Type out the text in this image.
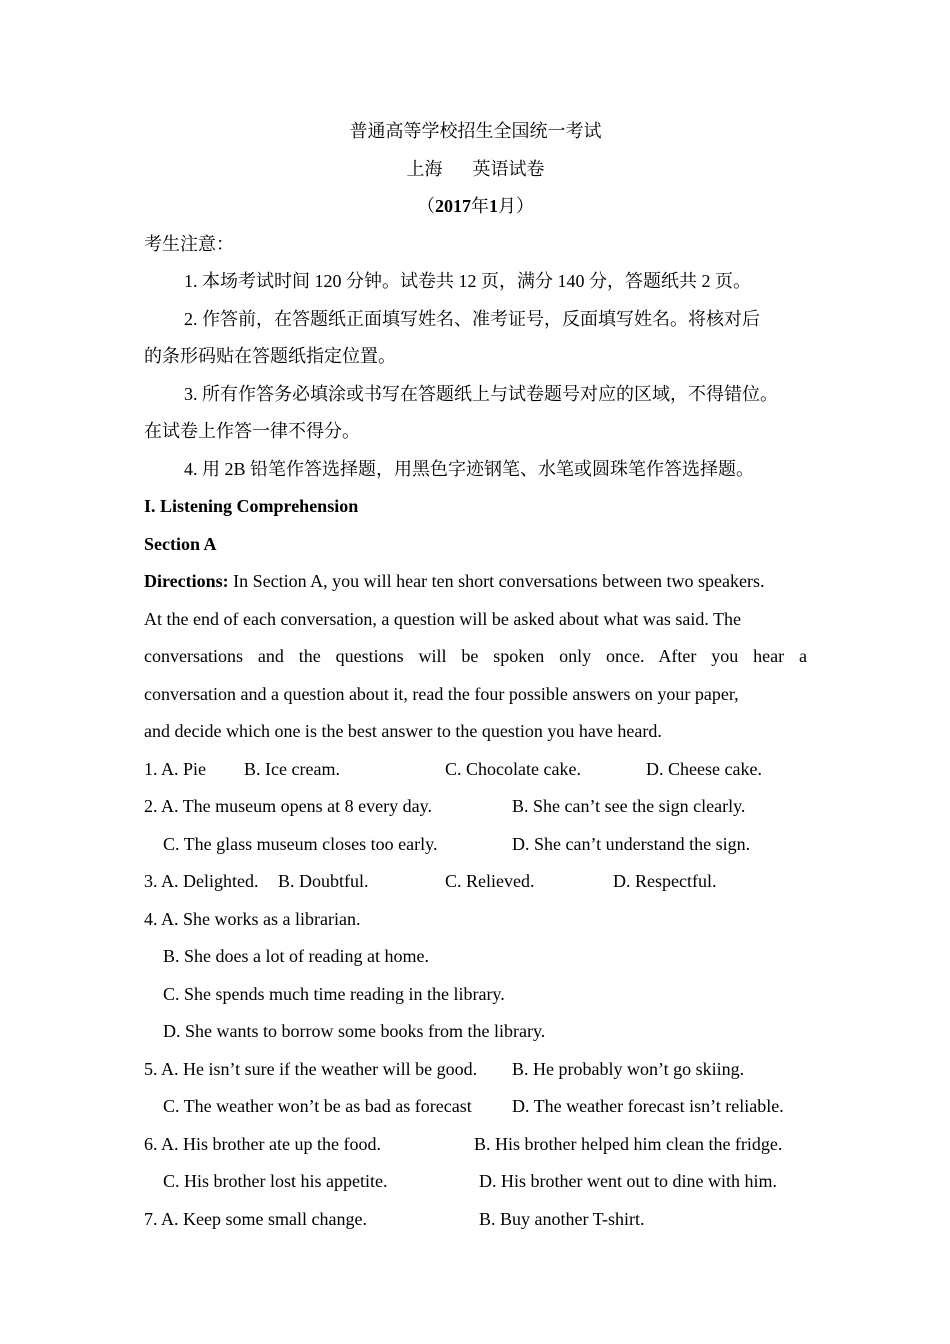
普通高等学校招生全国统一考试
上海 英语试卷
（2017年1月）
考生注意：
1. 本场考试时间 120 分钟。试卷共 12 页，满分 140 分，答题纸共 2 页。
2. 作答前，在答题纸正面填写姓名、准考证号，反面填写姓名。将核对后
的条形码贴在答题纸指定位置。
3. 所有作答务必填涂或书写在答题纸上与试卷题号对应的区域，不得错位。
在试卷上作答一律不得分。
4. 用 2B 铅笔作答选择题，用黑色字迹钢笔、水笔或圆珠笔作答选择题。
I. Listening Comprehension
Section A
Directions: In Section A, you will hear ten short conversations between two speakers.
At the end of each conversation, a question will be asked about what was said. The
conversations and the questions will be spoken only once. After you hear a
conversation and a question about it, read the four possible answers on your paper,
and decide which one is the best answer to the question you have heard.
1. A. Pie B. Ice cream.	C. Chocolate cake.	D. Cheese cake.
2. A. The museum opens at 8 every day.	B. She can’t see the sign clearly.
C. The glass museum closes too early.	D. She can’t understand the sign.
3. A. Delighted. B. Doubtful.	C. Relieved.	D. Respectful.
4. A. She works as a librarian.
B. She does a lot of reading at home.
C. She spends much time reading in the library.
D. She wants to borrow some books from the library.
5. A. He isn’t sure if the weather will be good. B. He probably won’t go skiing.
C. The weather won’t be as bad as forecast D. The weather forecast isn’t reliable.
6. A. His brother ate up the food.	B. His brother helped him clean the fridge.
C. His brother lost his appetite.	D. His brother went out to dine with him.
7. A. Keep some small change.	B. Buy another T-shirt.
